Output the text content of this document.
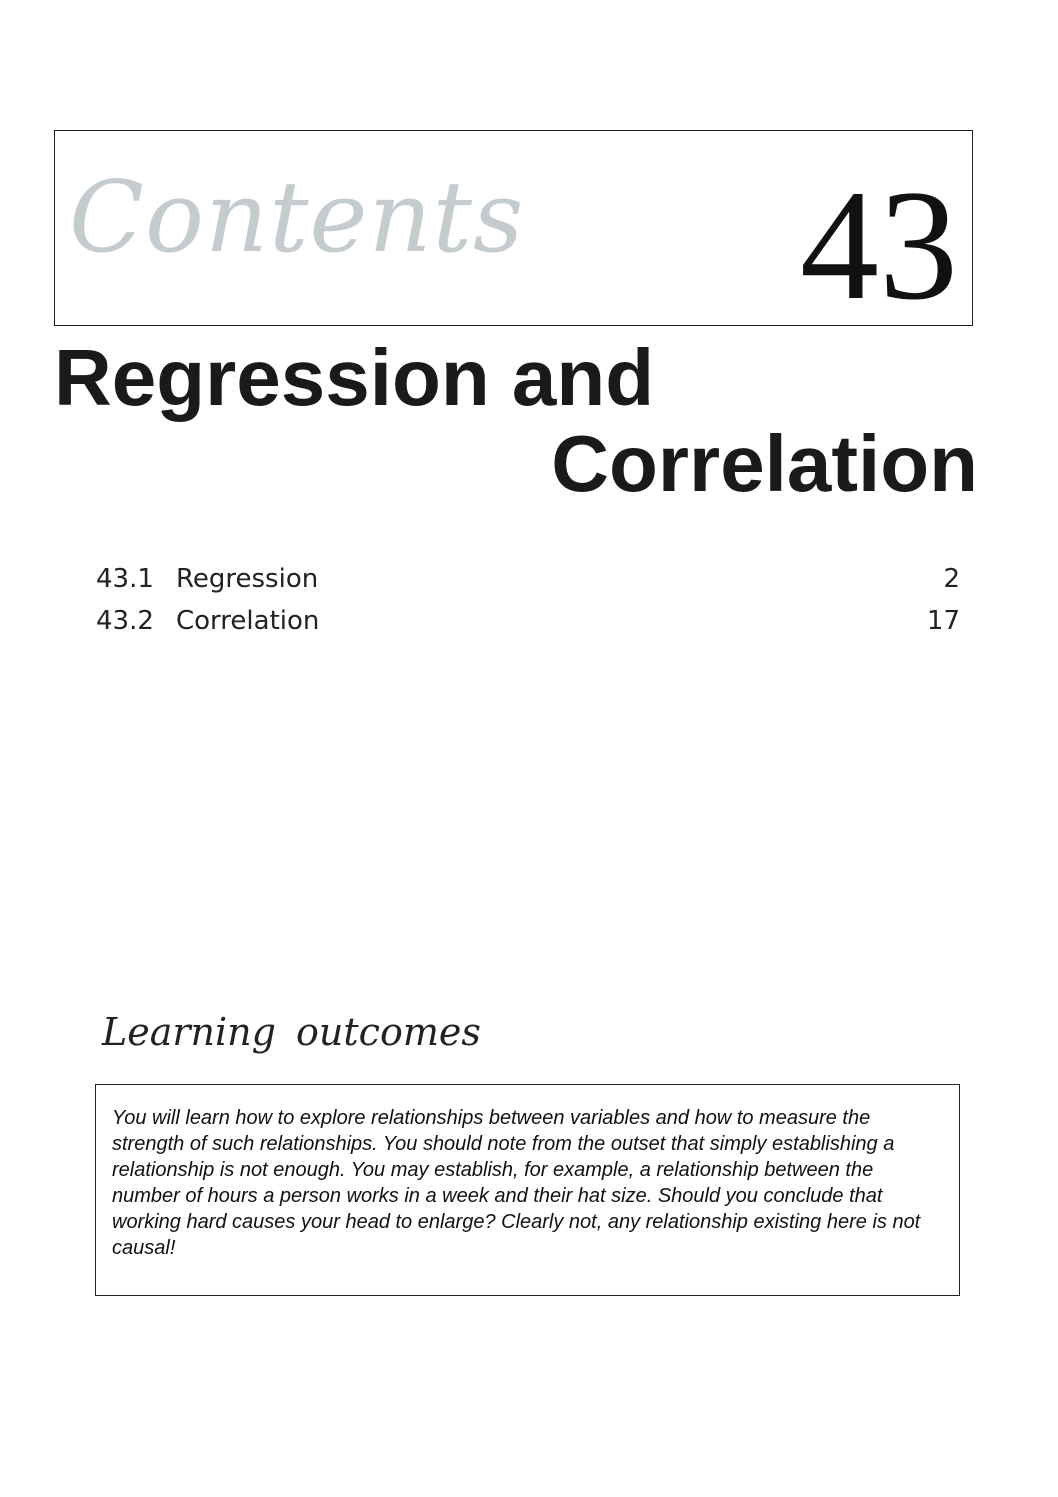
Contents 43
Regression and
Correlation
43.1 Regression	2
43.2 Correlation	17
Learning outcomes

You will learn how to explore relationships between variables and how to measure the strength of such relationships. You should note from the outset that simply establishing a relationship is not enough. You may establish, for example, a relationship between the number of hours a person works in a week and their hat size. Should you conclude that working hard causes your head to enlarge? Clearly not, any relationship existing here is not causal!
